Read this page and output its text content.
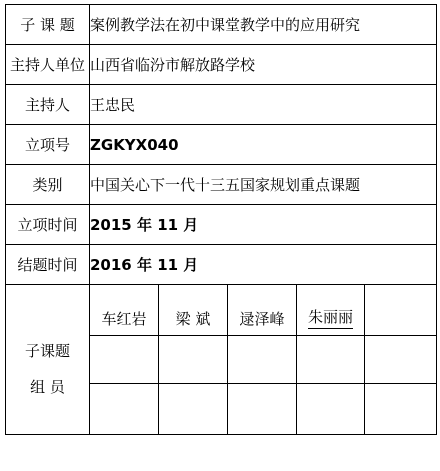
子 课 题	案例教学法在初中课堂教学中的应用研究				
主持人单位	山西省临汾市解放路学校				
主持人	王忠民				
立项号	ZGKYX040				
类别	中国关心下一代十三五国家规划重点课题				
立项时间	2015 年 11 月				
结题时间	2016 年 11 月				

子课题
组 员	车红岩	梁 斌	逯泽峰	朱丽丽	
